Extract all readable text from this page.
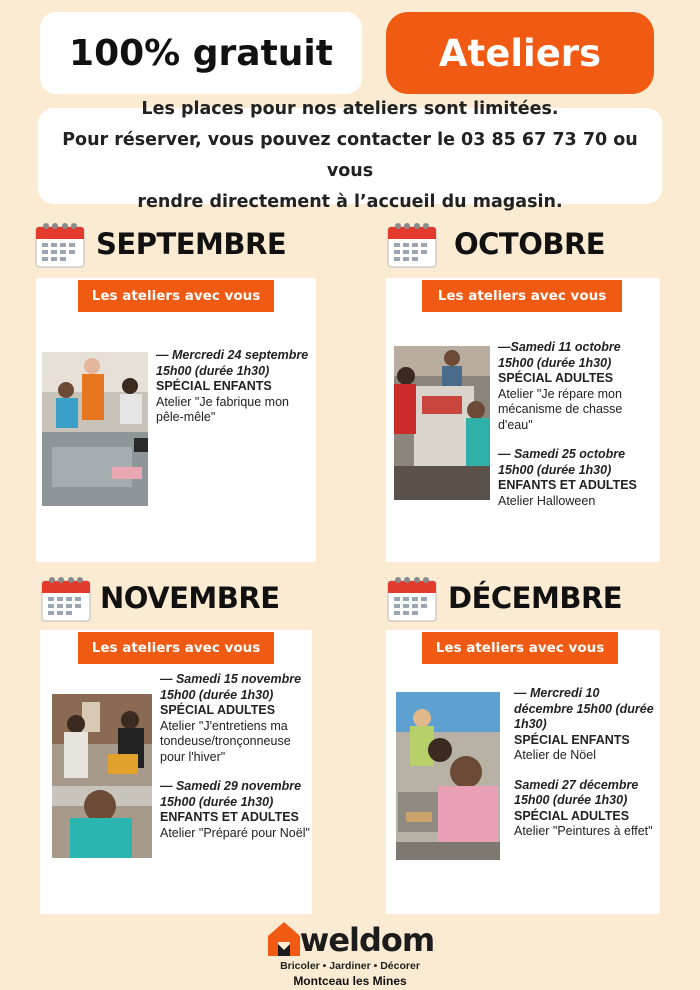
100% gratuit	Ateliers
Les places pour nos ateliers sont limitées.
Pour réserver, vous pouvez contacter le 03 85 67 73 70 ou vous
rendre directement à l’accueil du magasin.
SEPTEMBRE
Les ateliers avec vous
— Mercredi 24 septembre 15h00 (durée 1h30)
SPÉCIAL ENFANTS
Atelier "Je fabrique mon pêle-mêle"
OCTOBRE
Les ateliers avec vous
—Samedi 11 octobre 15h00 (durée 1h30)
SPÉCIAL ADULTES
Atelier "Je répare mon mécanisme de chasse d'eau"
— Samedi 25 octobre 15h00 (durée 1h30)
ENFANTS ET ADULTES
Atelier Halloween
NOVEMBRE
Les ateliers avec vous
— Samedi 15 novembre 15h00 (durée 1h30)
SPÉCIAL ADULTES
Atelier "J'entretiens ma tondeuse/tronçonneuse pour l'hiver"
— Samedi 29 novembre 15h00 (durée 1h30)
ENFANTS ET ADULTES
Atelier "Préparé pour Noël"
DÉCEMBRE
Les ateliers avec vous
— Mercredi 10 décembre 15h00 (durée 1h30)
SPÉCIAL ENFANTS
Atelier de Nöel
Samedi 27 décembre 15h00 (durée 1h30)
SPÉCIAL ADULTES
Atelier "Peintures à effet"
weldom
Bricoler • Jardiner • Décorer
Montceau les Mines
